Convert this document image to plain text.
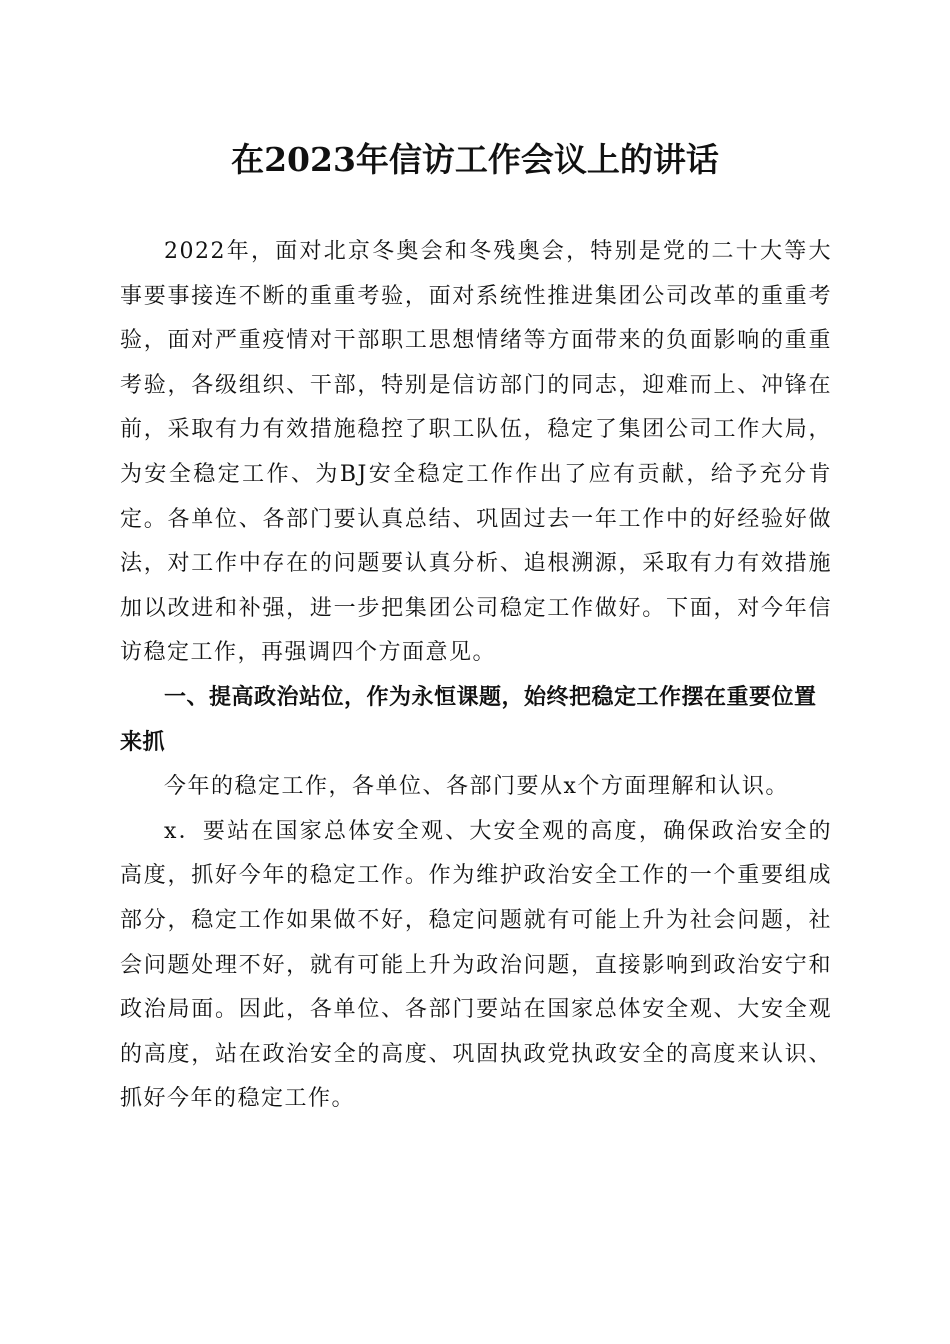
在2023年信访工作会议上的讲话

2022年，面对北京冬奥会和冬残奥会，特别是党的二十大等大事要事接连不断的重重考验，面对系统性推进集团公司改革的重重考验，面对严重疫情对干部职工思想情绪等方面带来的负面影响的重重考验，各级组织、干部，特别是信访部门的同志，迎难而上、冲锋在前，采取有力有效措施稳控了职工队伍，稳定了集团公司工作大局，为安全稳定工作、为BJ安全稳定工作作出了应有贡献，给予充分肯定。各单位、各部门要认真总结、巩固过去一年工作中的好经验好做法，对工作中存在的问题要认真分析、追根溯源，采取有力有效措施加以改进和补强，进一步把集团公司稳定工作做好。下面，对今年信访稳定工作，再强调四个方面意见。

一、提高政治站位，作为永恒课题，始终把稳定工作摆在重要位置来抓

今年的稳定工作，各单位、各部门要从x个方面理解和认识。

x．要站在国家总体安全观、大安全观的高度，确保政治安全的高度，抓好今年的稳定工作。作为维护政治安全工作的一个重要组成部分，稳定工作如果做不好，稳定问题就有可能上升为社会问题，社会问题处理不好，就有可能上升为政治问题，直接影响到政治安宁和政治局面。因此，各单位、各部门要站在国家总体安全观、大安全观的高度，站在政治安全的高度、巩固执政党执政安全的高度来认识、抓好今年的稳定工作。
